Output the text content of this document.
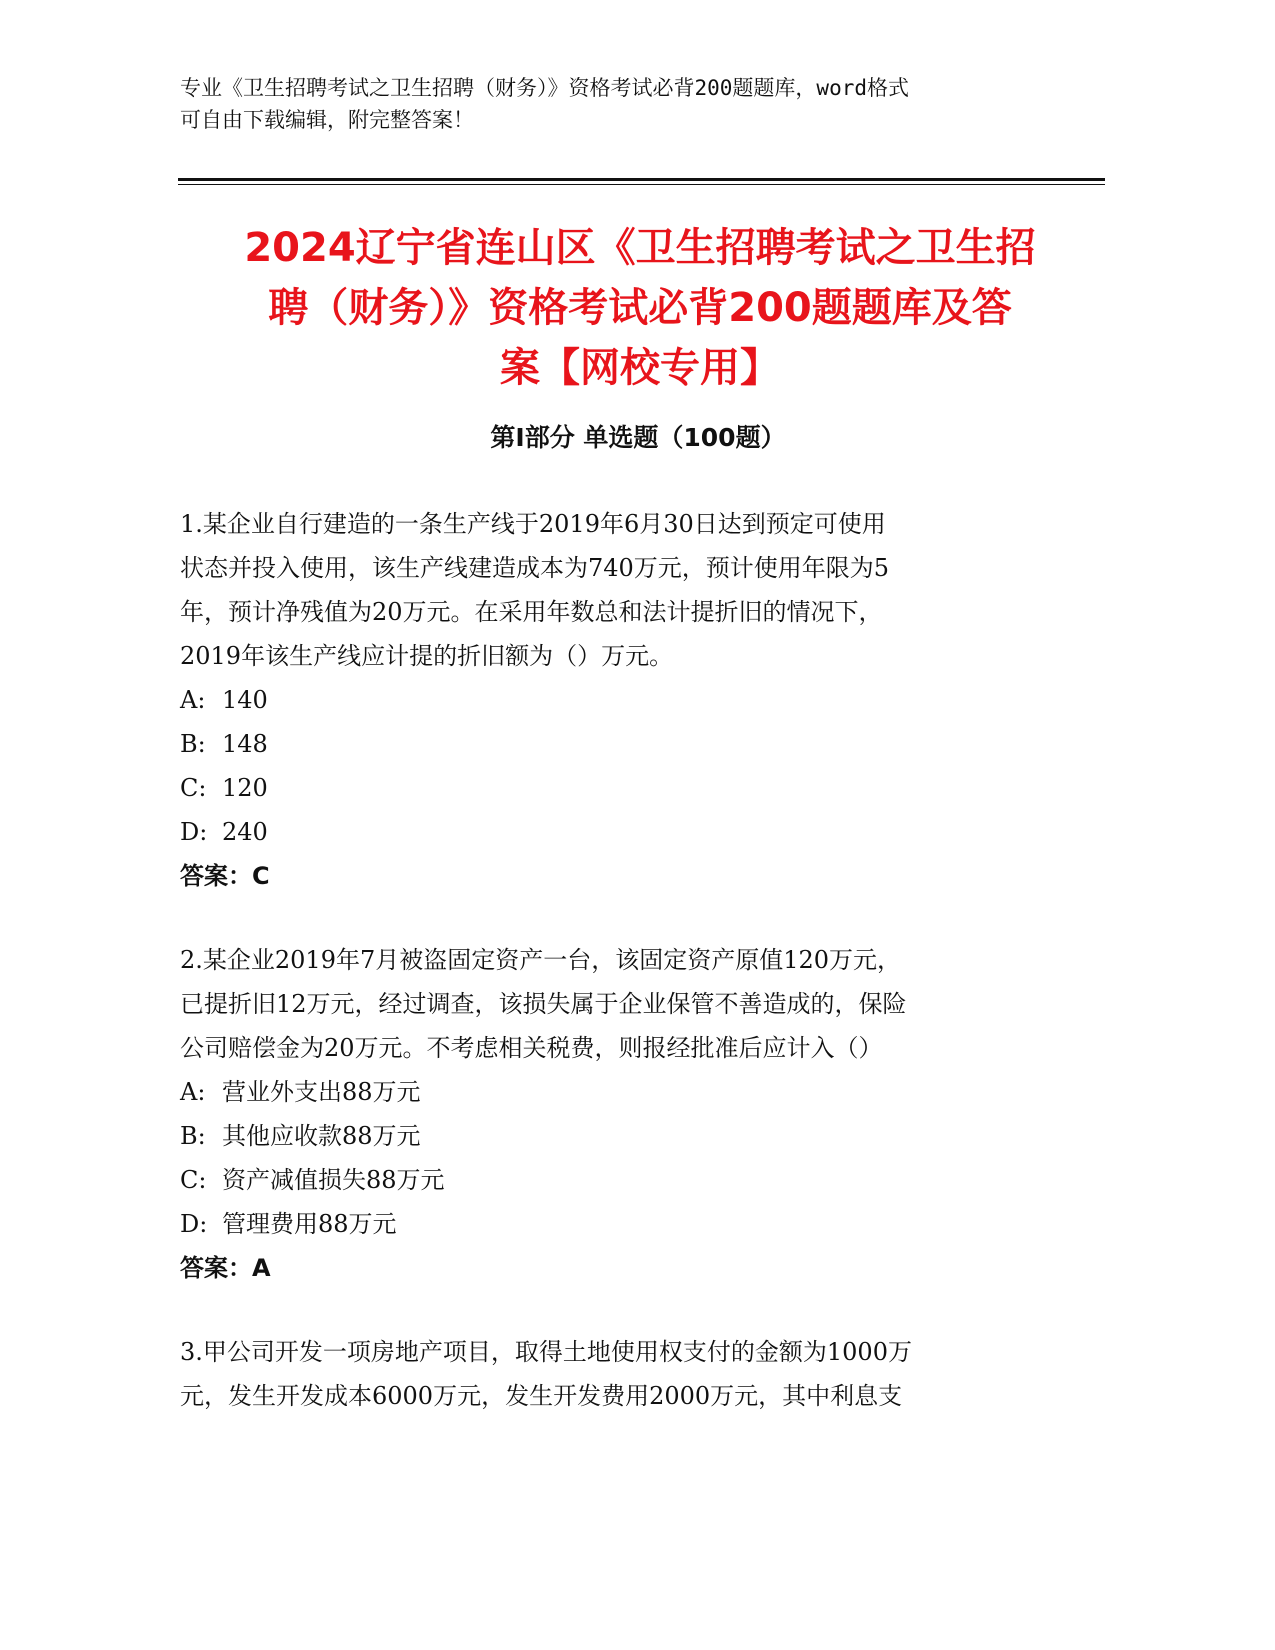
专业《卫生招聘考试之卫生招聘（财务）》资格考试必背200题题库，word格式
可自由下载编辑，附完整答案！
2024辽宁省连山区《卫生招聘考试之卫生招
聘（财务）》资格考试必背200题题库及答
案【网校专用】
第I部分 单选题（100题）

1.某企业自行建造的一条生产线于2019年6月30日达到预定可使用

状态并投入使用，该生产线建造成本为740万元，预计使用年限为5

年，预计净残值为20万元。在采用年数总和法计提折旧的情况下，

2019年该生产线应计提的折旧额为（）万元。

A: 140

B: 148

C: 120

D: 240

答案：C

2.某企业2019年7月被盗固定资产一台，该固定资产原值120万元，

已提折旧12万元，经过调查，该损失属于企业保管不善造成的，保险

公司赔偿金为20万元。不考虑相关税费，则报经批准后应计入（）

A: 营业外支出88万元

B: 其他应收款88万元

C: 资产减值损失88万元

D: 管理费用88万元

答案：A

3.甲公司开发一项房地产项目，取得土地使用权支付的金额为1000万

元，发生开发成本6000万元，发生开发费用2000万元，其中利息支
